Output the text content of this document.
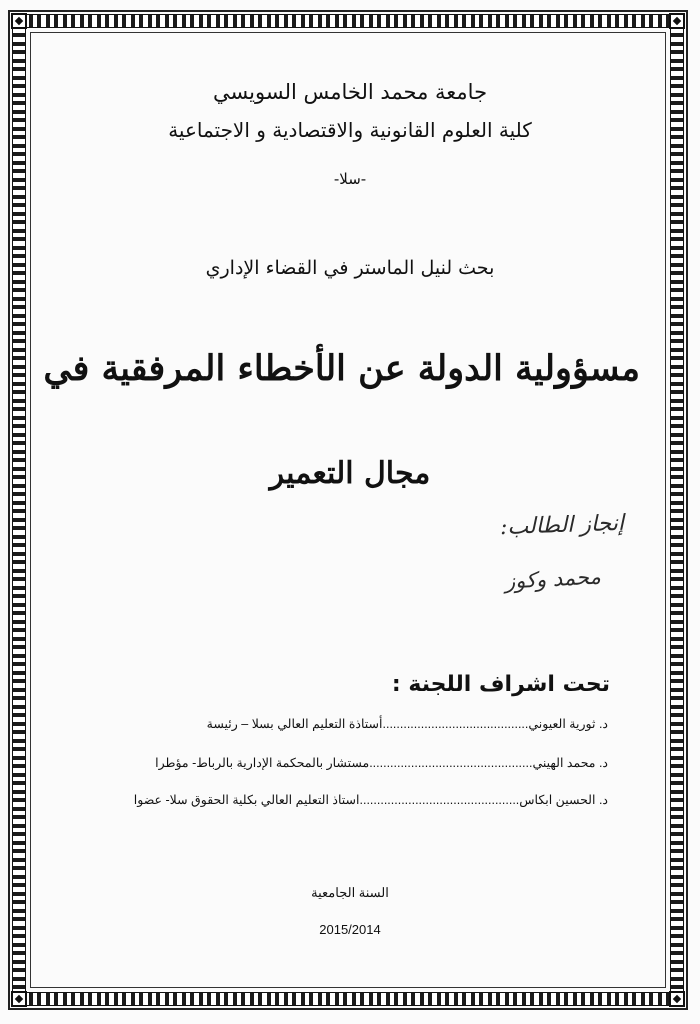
جامعة محمد الخامس السويسي
كلية العلوم القانونية والاقتصادية و الاجتماعية
-سلا-
بحث لنيل الماستر في القضاء الإداري
مسؤولية الدولة عن الأخطاء المرفقية في
مجال التعمير
إنجاز الطالب:
محمد وكوز
تحت اشراف اللجنة :
د. ثورية العيوني..........................................أستاذة التعليم العالي بسلا – رئيسة
د. محمد الهيني...............................................مستشار بالمحكمة الإدارية بالرباط- مؤطرا
د. الحسين ابكاس..............................................استاذ التعليم العالي بكلية الحقوق سلا- عضوا
السنة الجامعية
2015/2014
